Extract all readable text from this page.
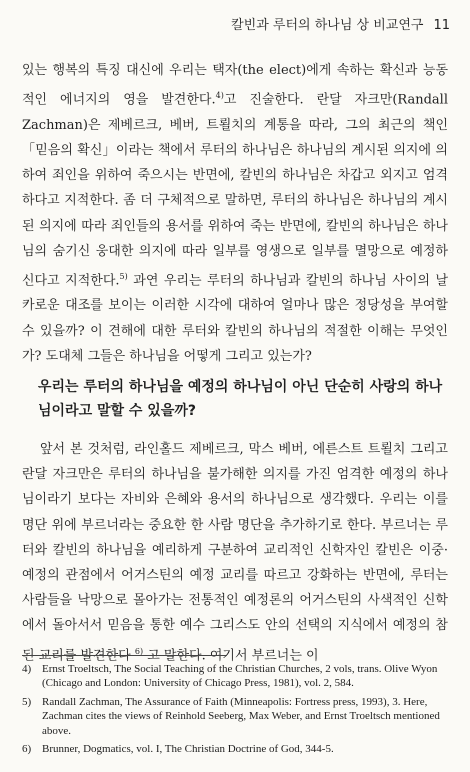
칼빈과 루터의 하나님 상 비교연구 11

있는 행복의 특징 대신에 우리는 택자(the elect)에게 속하는 확신과 능동적인 에너지의 영을 발견한다.$^{4)}$고 진술한다. 란달 자크만(Randall Zachman)은 제베르크, 베버, 트뢸치의 계통을 따라, 그의 최근의 책인 「믿음의 확신」이라는 책에서 루터의 하나님은 하나님의 계시된 의지에 의하여 죄인을 위하여 죽으시는 반면에, 칼빈의 하나님은 차갑고 외지고 엄격하다고 지적한다. 좀 더 구체적으로 말하면, 루터의 하나님은 하나님의 계시된 의지에 따라 죄인들의 용서를 위하여 죽는 반면에, 칼빈의 하나님은 하나님의 숨기신 웅대한 의지에 따라 일부를 영생으로 일부를 멸망으로 예정하신다고 지적한다.$^{5)}$ 과연 우리는 루터의 하나님과 칼빈의 하나님 사이의 날카로운 대조를 보이는 이러한 시각에 대하여 얼마나 많은 정당성을 부여할 수 있을까? 이 견해에 대한 루터와 칼빈의 하나님의 적절한 이해는 무엇인가? 도대체 그들은 하나님을 어떻게 그리고 있는가?

우리는 루터의 하나님을 예정의 하나님이 아닌 단순히 사랑의 하나님이라고 말할 수 있을까?

앞서 본 것처럼, 라인홀드 제베르크, 막스 베버, 에른스트 트뢸치 그리고 란달 자크만은 루터의 하나님을 불가해한 의지를 가진 엄격한 예정의 하나님이라기 보다는 자비와 은혜와 용서의 하나님으로 생각했다. 우리는 이를 명단 위에 부르너라는 중요한 한 사람 명단을 추가하기로 한다. 부르너는 루터와 칼빈의 하나님을 예리하게 구분하여 교리적인 신학자인 칼빈은 이중·예정의 관점에서 어거스틴의 예정 교리를 따르고 강화하는 반면에, 루터는 사람들을 낙망으로 몰아가는 전통적인 예정론의 어거스틴의 사색적인 신학에서 돌아서서 믿음을 통한 예수 그리스도 안의 선택의 지식에서 예정의 참된 교리를 발견한다 $^{6)}$ 고 말한다. 여기서 부르너는 이

4) Ernst Troeltsch, The Social Teaching of the Christian Churches, 2 vols, trans. Olive Wyon (Chicago and London: University of Chicago Press, 1981), vol. 2, 584.
5) Randall Zachman, The Assurance of Faith (Minneapolis: Fortress press, 1993), 3. Here, Zachman cites the views of Reinhold Seeberg, Max Weber, and Ernst Troeltsch mentioned above.
6) Brunner, Dogmatics, vol. I, The Christian Doctrine of God, 344-5.
